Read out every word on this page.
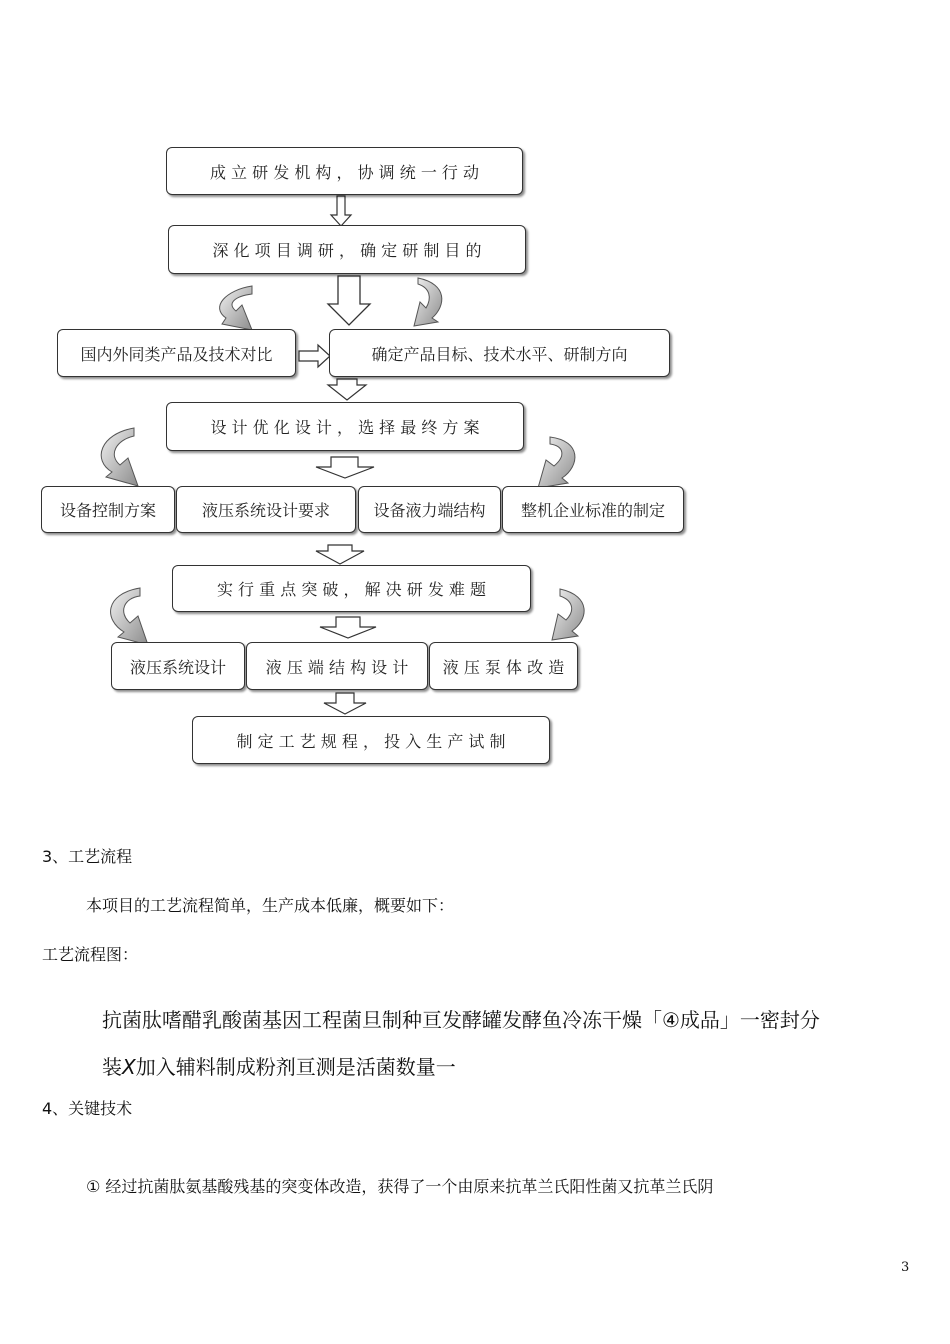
成 立 研 发 机 构 ， 协 调 统 一 行 动
深 化 项 目 调 研 ， 确 定 研 制 目 的
国内外同类产品及技术对比	确定产品目标、技术水平、研制方向
设 计 优 化 设 计 ， 选 择 最 终 方 案
设备控制方案	液压系统设计要求	设备液力端结构 整机企业标准的制定
实 行 重 点 突 破 ， 解 决 研 发 难 题
液压系统设计 液 压 端 结 构 设 计 液 压 泵 体 改 造
制 定 工 艺 规 程 ， 投 入 生 产 试 制
3、工艺流程
本项目的工艺流程简单，生产成本低廉，概要如下：
工艺流程图：
抗菌肽嗜醋乳酸菌基因工程菌旦制种亘发酵罐发酵鱼冷冻干燥「④成品」一密封分
装X加入辅料制成粉剂亘测是活菌数量一
4、关键技术
① 经过抗菌肽氨基酸残基的突变体改造，获得了一个由原来抗革兰氏阳性菌又抗革兰氏阴
3
